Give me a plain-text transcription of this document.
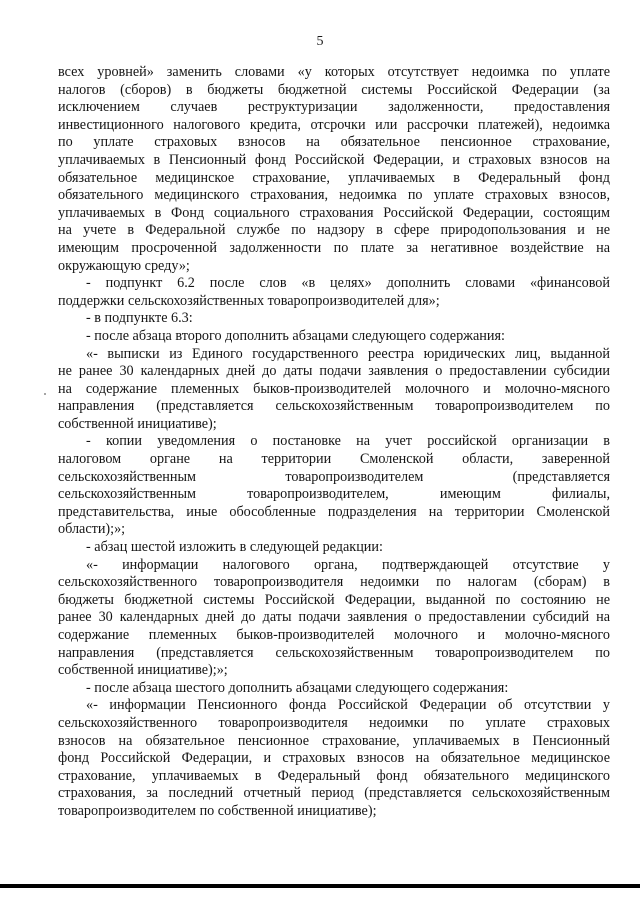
5
всех уровней» заменить словами «у которых отсутствует недоимка по уплате
налогов (сборов) в бюджеты бюджетной системы Российской Федерации (за
исключением случаев реструктуризации задолженности, предоставления
инвестиционного налогового кредита, отсрочки или рассрочки платежей), недоимка
по уплате страховых взносов на обязательное пенсионное страхование,
уплачиваемых в Пенсионный фонд Российской Федерации, и страховых взносов на
обязательное медицинское страхование, уплачиваемых в Федеральный фонд
обязательного медицинского страхования, недоимка по уплате страховых взносов,
уплачиваемых в Фонд социального страхования Российской Федерации, состоящим
на учете в Федеральной службе по надзору в сфере природопользования и не
имеющим просроченной задолженности по плате за негативное воздействие на
окружающую среду»;
- подпункт 6.2 после слов «в целях» дополнить словами «финансовой
поддержки сельскохозяйственных товаропроизводителей для»;
- в подпункте 6.3:
- после абзаца второго дополнить абзацами следующего содержания:
«- выписки из Единого государственного реестра юридических лиц, выданной
не ранее 30 календарных дней до даты подачи заявления о предоставлении субсидии
на содержание племенных быков-производителей молочного и молочно-мясного
направления (представляется сельскохозяйственным товаропроизводителем по
собственной инициативе);
- копии уведомления о постановке на учет российской организации в
налоговом органе на территории Смоленской области, заверенной
сельскохозяйственным товаропроизводителем (представляется
сельскохозяйственным товаропроизводителем, имеющим филиалы,
представительства, иные обособленные подразделения на территории Смоленской
области);»;
- абзац шестой изложить в следующей редакции:
«- информации налогового органа, подтверждающей отсутствие у
сельскохозяйственного товаропроизводителя недоимки по налогам (сборам) в
бюджеты бюджетной системы Российской Федерации, выданной по состоянию не
ранее 30 календарных дней до даты подачи заявления о предоставлении субсидий на
содержание племенных быков-производителей молочного и молочно-мясного
направления (представляется сельскохозяйственным товаропроизводителем по
собственной инициативе);»;
- после абзаца шестого дополнить абзацами следующего содержания:
«- информации Пенсионного фонда Российской Федерации об отсутствии у
сельскохозяйственного товаропроизводителя недоимки по уплате страховых
взносов на обязательное пенсионное страхование, уплачиваемых в Пенсионный
фонд Российской Федерации, и страховых взносов на обязательное медицинское
страхование, уплачиваемых в Федеральный фонд обязательного медицинского
страхования, за последний отчетный период (представляется сельскохозяйственным
товаропроизводителем по собственной инициативе);
